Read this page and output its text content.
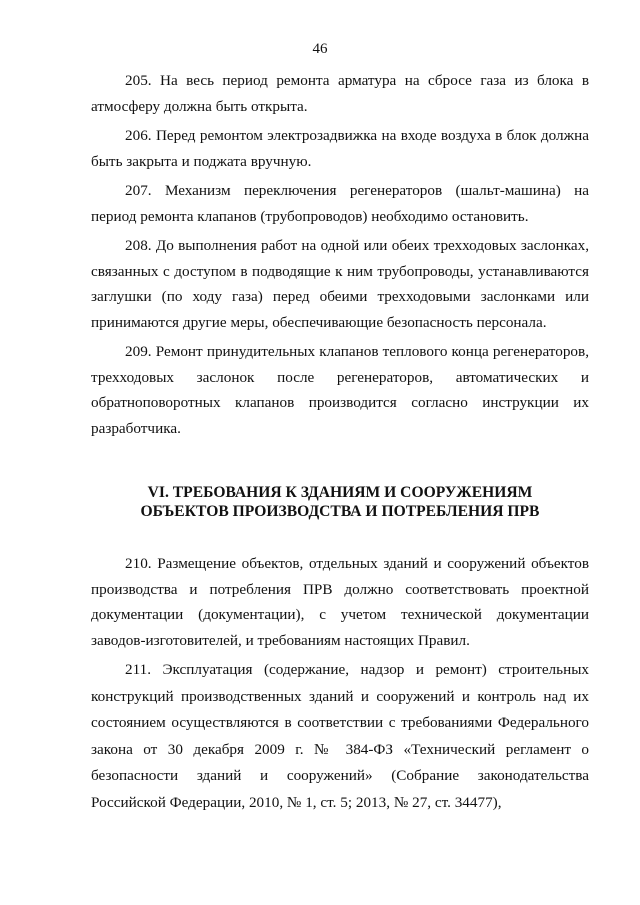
46

205. На весь период ремонта арматура на сбросе газа из блока в атмосферу должна быть открыта.

206. Перед ремонтом электрозадвижка на входе воздуха в блок должна быть закрыта и поджата вручную.

207. Механизм переключения регенераторов (шальт-машина) на период ремонта клапанов (трубопроводов) необходимо остановить.

208. До выполнения работ на одной или обеих трехходовых заслонках, связанных с доступом в подводящие к ним трубопроводы, устанавливаются заглушки (по ходу газа) перед обеими трехходовыми заслонками или принимаются другие меры, обеспечивающие безопасность персонала.

209. Ремонт принудительных клапанов теплового конца регенераторов, трехходовых заслонок после регенераторов, автоматических и обратноповоротных клапанов производится согласно инструкции их разработчика.

VI. ТРЕБОВАНИЯ К ЗДАНИЯМ И СООРУЖЕНИЯМ
ОБЪЕКТОВ ПРОИЗВОДСТВА И ПОТРЕБЛЕНИЯ ПРВ

210. Размещение объектов, отдельных зданий и сооружений объектов производства и потребления ПРВ должно соответствовать проектной документации (документации), с учетом технической документации заводов-изготовителей, и требованиям настоящих Правил.

211. Эксплуатация (содержание, надзор и ремонт) строительных конструкций производственных зданий и сооружений и контроль над их состоянием осуществляются в соответствии с требованиями Федерального закона от 30 декабря 2009 г. № 384-ФЗ «Технический регламент о безопасности зданий и сооружений» (Собрание законодательства Российской Федерации, 2010, № 1, ст. 5; 2013, № 27, ст. 34477),
